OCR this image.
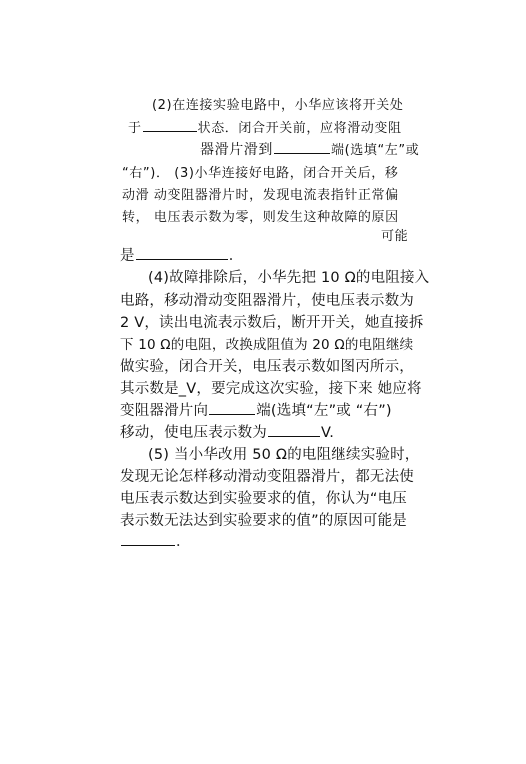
(2)在连接实验电路中，小华应该将开关处
于	状态．闭合开关前，应将滑动变阻
器滑片滑到	端(选填“左”或
“右”)． (3)小华连接好电路，闭合开关后，移
动滑 动变阻器滑片时，发现电流表指针正常偏
转， 电压表示数为零，则发生这种故障的原因
可能
是	．
(4)故障排除后，小华先把 10 Ω的电阻接入
电路，移动滑动变阻器滑片，使电压表示数为
2 V，读出电流表示数后，断开开关，她直接拆
下 10 Ω的电阻，改换成阻值为 20 Ω的电阻继续
做实验，闭合开关，电压表示数如图丙所示，
其示数是_V，要完成这次实验，接下来 她应将
变阻器滑片向	端(选填“左”或 “右”)
移动，使电压表示数为	V.
(5) 当小华改用 50 Ω的电阻继续实验时，
发现无论怎样移动滑动变阻器滑片，都无法使
电压表示数达到实验要求的值，你认为“电压
表示数无法达到实验要求的值”的原因可能是
．
